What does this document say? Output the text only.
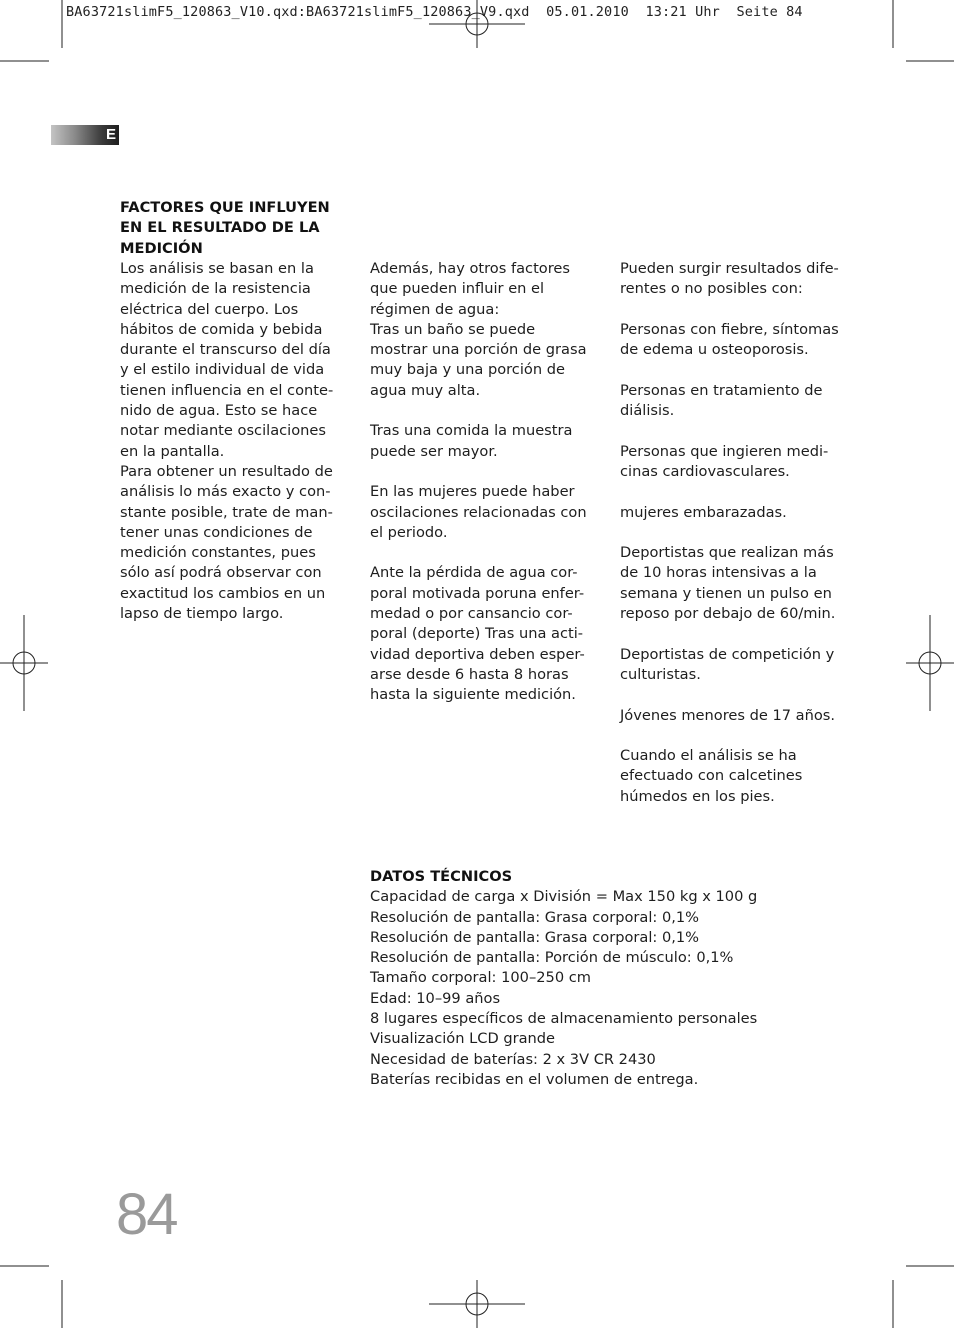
BA63721slimF5_120863_V10.qxd:BA63721slimF5_120863_V9.qxd  05.01.2010  13:21 Uhr  Seite 84
E
FACTORES QUE INFLUYEN
EN EL RESULTADO DE LA
MEDICIÓN

Los análisis se basan en la
medición de la resistencia
eléctrica del cuerpo. Los
hábitos de comida y bebida
durante el transcurso del día
y el estilo individual de vida
tienen influencia en el conte-
nido de agua. Esto se hace
notar mediante oscilaciones
en la pantalla.

Para obtener un resultado de
análisis lo más exacto y con-
stante posible, trate de man-
tener unas condiciones de
medición constantes, pues
sólo así podrá observar con
exactitud los cambios en un
lapso de tiempo largo.

Además, hay otros factores
que pueden influir en el
régimen de agua:

Tras un baño se puede
mostrar una porción de grasa
muy baja y una porción de
agua muy alta.

Tras una comida la muestra
puede ser mayor.

En las mujeres puede haber
oscilaciones relacionadas con
el periodo.

Ante la pérdida de agua cor-
poral motivada poruna enfer-
medad o por cansancio cor-
poral (deporte) Tras una acti-
vidad deportiva deben esper-
arse desde 6 hasta 8 horas
hasta la siguiente medición.

Pueden surgir resultados dife-
rentes o no posibles con:

Personas con fiebre, síntomas
de edema u osteoporosis.

Personas en tratamiento de
diálisis.

Personas que ingieren medi-
cinas cardiovasculares.

mujeres embarazadas.

Deportistas que realizan más
de 10 horas intensivas a la
semana y tienen un pulso en
reposo por debajo de 60/min.

Deportistas de competición y
culturistas.

Jóvenes menores de 17 años.

Cuando el análisis se ha
efectuado con calcetines
húmedos en los pies.

DATOS TÉCNICOS

Capacidad de carga x División = Max 150 kg x 100 g

Resolución de pantalla: Grasa corporal: 0,1%

Resolución de pantalla: Grasa corporal: 0,1%

Resolución de pantalla: Porción de músculo: 0,1%

Tamaño corporal: 100–250 cm

Edad: 10–99 años

8 lugares específicos de almacenamiento personales

Visualización LCD grande

Necesidad de baterías: 2 x 3V CR 2430

Baterías recibidas en el volumen de entrega.

84
